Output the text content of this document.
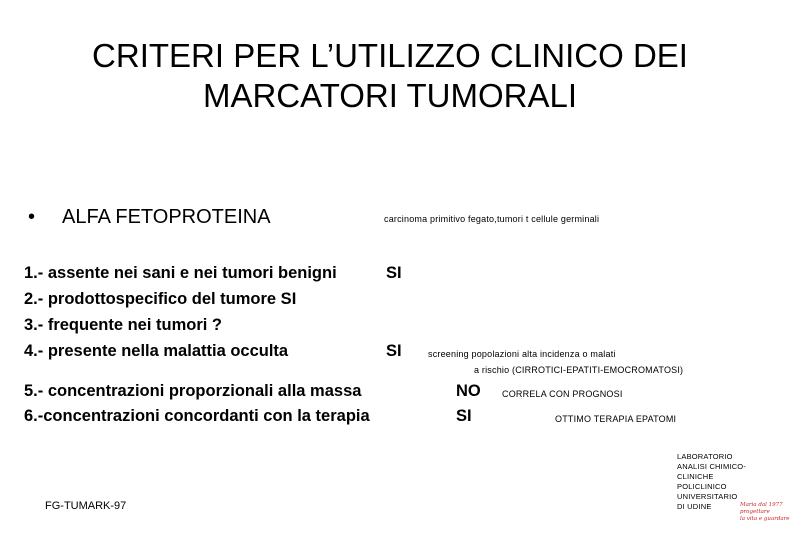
CRITERI PER L’UTILIZZO CLINICO DEI
MARCATORI TUMORALI
• ALFA FETOPROTEINA	carcinoma primitivo fegato,tumori t cellule germinali
1.- assente nei sani e nei tumori benigni	SI
2.- prodottospecifico del tumore SI
3.- frequente nei tumori ?
4.- presente nella malattia occulta	SI	screening popolazioni alta incidenza o malati
a rischio (CIRROTICI-EPATITI-EMOCROMATOSI)
5.- concentrazioni proporzionali alla massa	NO CORRELA CON PROGNOSI
6.-concentrazioni concordanti con la terapia	SI	OTTIMO TERAPIA EPATOMI
FG-TUMARK-97
LABORATORIO
ANALISI CHIMICO-
CLINICHE
POLICLINICO
UNIVERSITARIO
DI UDINE	Maria dal 1977
progettare
la vita e guardare
